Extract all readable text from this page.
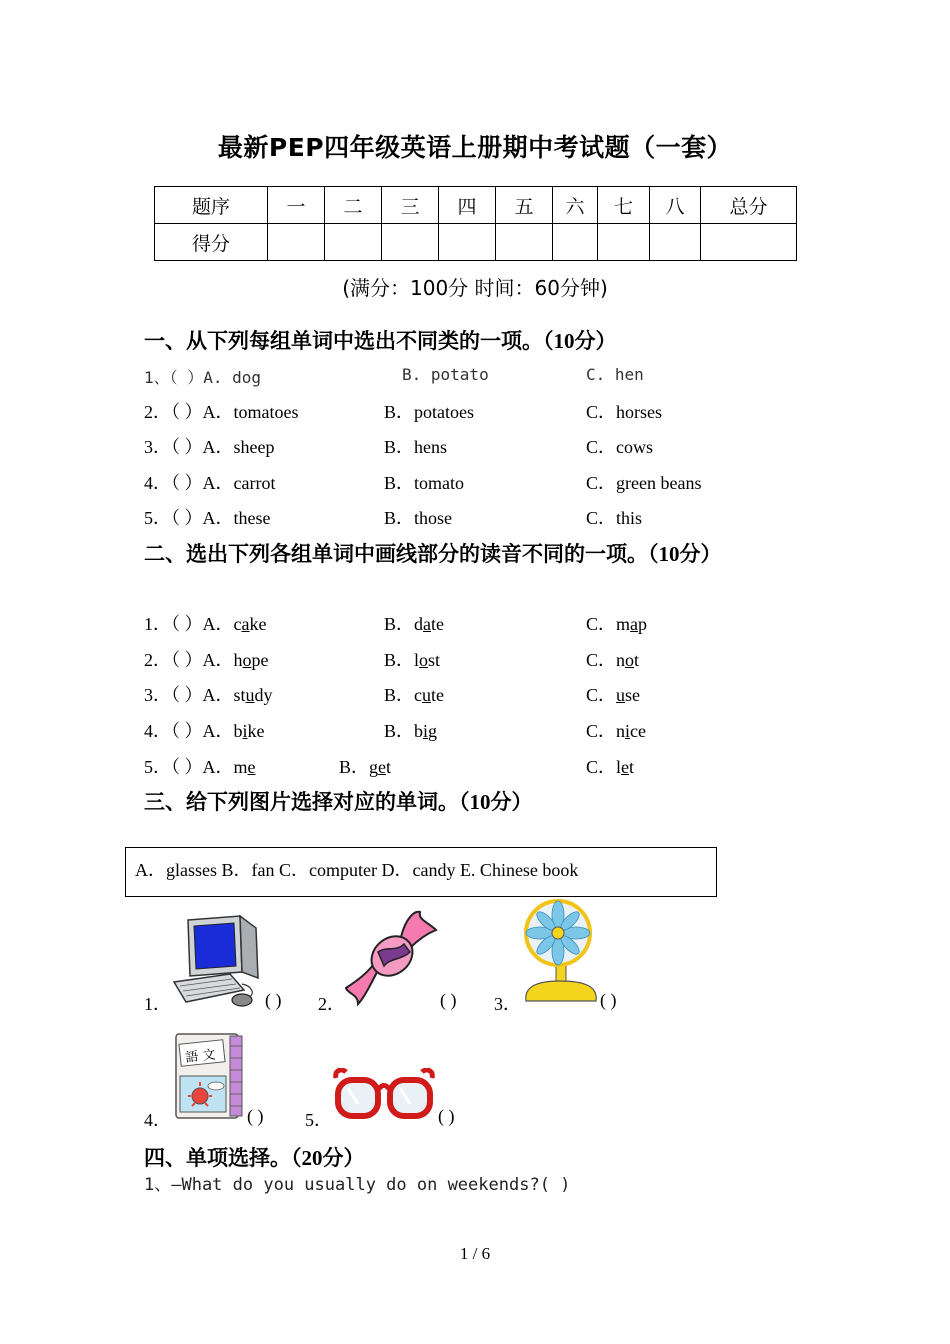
最新PEP四年级英语上册期中考试题（一套）
题序	一	二	三	四	五	六	七	八	总分
得分									
(满分：100分 时间：60分钟)
一、从下列每组单词中选出不同类的一项。（10分）
1、（ ）A. dog	B. potato	C. hen
2．（ ）A．tomatoes	B．potatoes	C．horses
3．（ ）A．sheep	B．hens	C．cows
4．（ ）A．carrot	B．tomato	C．green beans
5．（ ）A．these	B．those	C．this
二、选出下列各组单词中画线部分的读音不同的一项。（10分）
1．（ ）A．cake	B．date	C．map
2．（ ）A．hope	B．lost	C．not
3．（ ）A．study	B．cute	C．use
4．（ ）A．bike	B．big	C．nice
5．（ ）A．me	B．get	C．let
三、给下列图片选择对应的单词。（10分）
A．glasses B．fan C．computer D．candy E. Chinese book
1．	( ) 2．	( ) 3．	( )
4．
語 文
( ) 5．	( )
四、单项选择。（20分）
1、—What do you usually do on weekends?( )
1 / 6
